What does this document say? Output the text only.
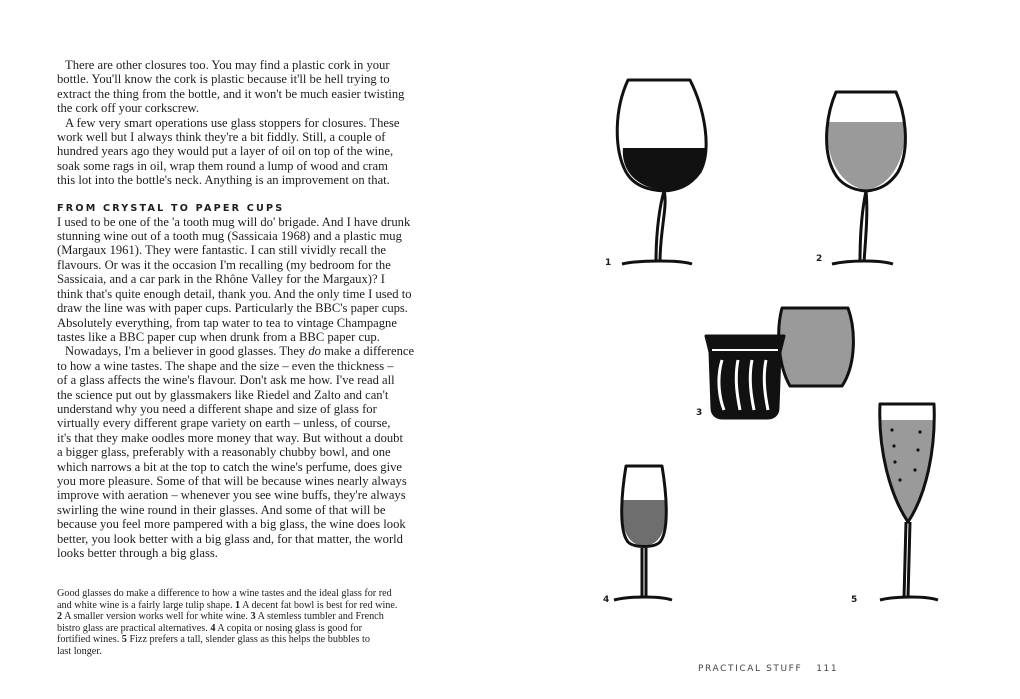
There are other closures too. You may find a plastic cork in your
bottle. You'll know the cork is plastic because it'll be hell trying to
extract the thing from the bottle, and it won't be much easier twisting
the cork off your corkscrew.
A few very smart operations use glass stoppers for closures. These
work well but I always think they're a bit fiddly. Still, a couple of
hundred years ago they would put a layer of oil on top of the wine,
soak some rags in oil, wrap them round a lump of wood and cram
this lot into the bottle's neck. Anything is an improvement on that.
FROM CRYSTAL TO PAPER CUPS
I used to be one of the 'a tooth mug will do' brigade. And I have drunk
stunning wine out of a tooth mug (Sassicaia 1968) and a plastic mug
(Margaux 1961). They were fantastic. I can still vividly recall the
flavours. Or was it the occasion I'm recalling (my bedroom for the
Sassicaia, and a car park in the Rhône Valley for the Margaux)? I
think that's quite enough detail, thank you. And the only time I used to
draw the line was with paper cups. Particularly the BBC's paper cups.
Absolutely everything, from tap water to tea to vintage Champagne
tastes like a BBC paper cup when drunk from a BBC paper cup.
Nowadays, I'm a believer in good glasses. They do make a difference
to how a wine tastes. The shape and the size – even the thickness –
of a glass affects the wine's flavour. Don't ask me how. I've read all
the science put out by glassmakers like Riedel and Zalto and can't
understand why you need a different shape and size of glass for
virtually every different grape variety on earth – unless, of course,
it's that they make oodles more money that way. But without a doubt
a bigger glass, preferably with a reasonably chubby bowl, and one
which narrows a bit at the top to catch the wine's perfume, does give
you more pleasure. Some of that will be because wines nearly always
improve with aeration – whenever you see wine buffs, they're always
swirling the wine round in their glasses. And some of that will be
because you feel more pampered with a big glass, the wine does look
better, you look better with a big glass and, for that matter, the world
looks better through a big glass.
Good glasses do make a difference to how a wine tastes and the ideal glass for red
and white wine is a fairly large tulip shape. 1 A decent fat bowl is best for red wine.
2 A smaller version works well for white wine. 3 A stemless tumbler and French
bistro glass are practical alternatives. 4 A copita or nosing glass is good for
fortified wines. 5 Fizz prefers a tall, slender glass as this helps the bubbles to
last longer.
1	2
3
4	5
PRACTICAL STUFF 111
